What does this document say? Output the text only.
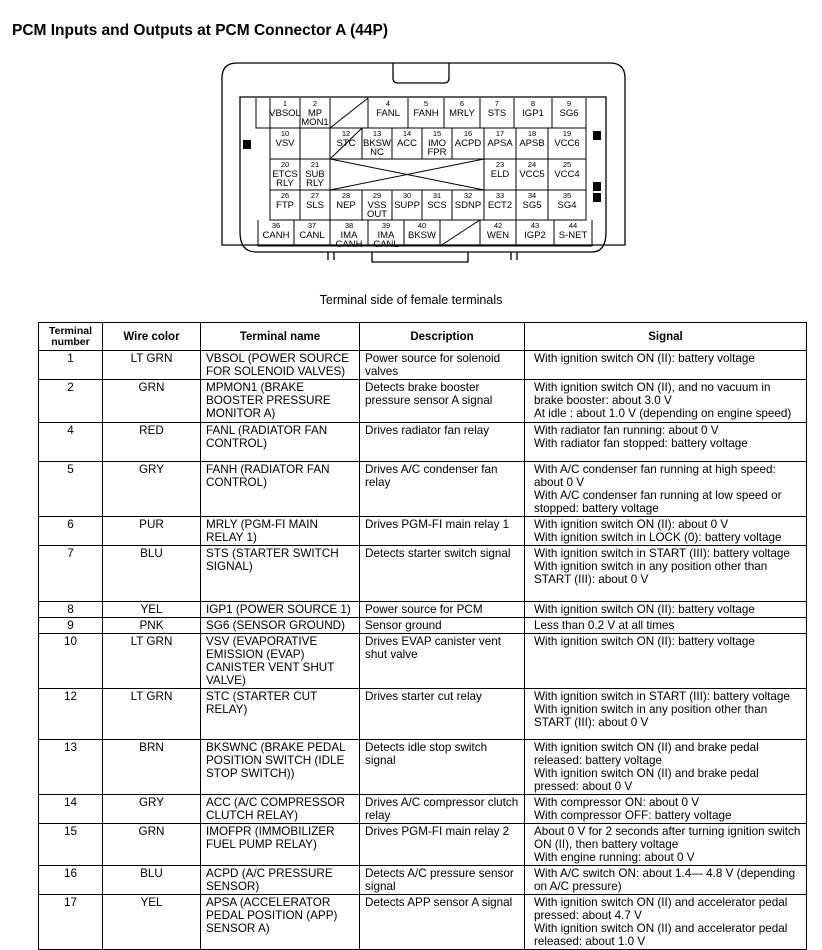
PCM Inputs and Outputs at PCM Connector A (44P)
1
VBSOL
2
MP
MON1
4
FANL
5
FANH
6
MRLY
7
STS
8
IGP1
9
SG6
10
VSV
12
STC
13
BKSW
NC
14
ACC
15
IMO
FPR
16
ACPD
17
APSA
18
APSB
19
VCC6
20
ETCS
RLY
21
SUB
RLY
23
ELD
24
VCC5
25
VCC4
26
FTP
27
SLS
28
NEP
29
VSS
OUT
30
SUPP
31
SCS
32
SDNP
33
ECT2
34
SG5
35
SG4
36
CANH
37
CANL
38
IMA
CANH
39
IMA
CANL
40
BKSW
42
WEN
43
IGP2
44
S-NET

Terminal side of female terminals

Terminal number	Wire color	Terminal name	Description	Signal
1	LT GRN	VBSOL (POWER SOURCE FOR SOLENOID VALVES)	Power source for solenoid valves	With ignition switch ON (II): battery voltage

2	GRN	MPMON1 (BRAKE BOOSTER PRESSURE MONITOR A)	Detects brake booster pressure sensor A signal	With ignition switch ON (II), and no vacuum in brake booster: about 3.0 V
At idle : about 1.0 V (depending on engine speed)

4	RED	FANL (RADIATOR FAN CONTROL)	Drives radiator fan relay	With radiator fan running: about 0 V
With radiator fan stopped: battery voltage

5	GRY	FANH (RADIATOR FAN CONTROL)	Drives A/C condenser fan relay	With A/C condenser fan running at high speed: about 0 V
With A/C condenser fan running at low speed or stopped: battery voltage

6	PUR	MRLY (PGM-FI MAIN RELAY 1)	Drives PGM-FI main relay 1	With ignition switch ON (II): about 0 V
With ignition switch in LOCK (0): battery voltage

7	BLU	STS (STARTER SWITCH SIGNAL)	Detects starter switch signal	With ignition switch in START (III): battery voltage
With ignition switch in any position other than START (III): about 0 V

8	YEL	IGP1 (POWER SOURCE 1)	Power source for PCM	With ignition switch ON (II): battery voltage

9	PNK	SG6 (SENSOR GROUND)	Sensor ground	Less than 0.2 V at all times

10	LT GRN	VSV (EVAPORATIVE EMISSION (EVAP) CANISTER VENT SHUT VALVE)	Drives EVAP canister vent shut valve	With ignition switch ON (II): battery voltage

12	LT GRN	STC (STARTER CUT RELAY)	Drives starter cut relay	With ignition switch in START (III): battery voltage
With ignition switch in any position other than START (III): about 0 V

13	BRN	BKSWNC (BRAKE PEDAL POSITION SWITCH (IDLE STOP SWITCH))	Detects idle stop switch signal	With ignition switch ON (II) and brake pedal released: battery voltage
With ignition switch ON (II) and brake pedal pressed: about 0 V

14	GRY	ACC (A/C COMPRESSOR CLUTCH RELAY)	Drives A/C compressor clutch relay	With compressor ON: about 0 V
With compressor OFF: battery voltage

15	GRN	IMOFPR (IMMOBILIZER FUEL PUMP RELAY)	Drives PGM-FI main relay 2	About 0 V for 2 seconds after turning ignition switch ON (II), then battery voltage
With engine running: about 0 V

16	BLU	ACPD (A/C PRESSURE SENSOR)	Detects A/C pressure sensor signal	With A/C switch ON: about 1.4— 4.8 V (depending on A/C pressure)

17	YEL	APSA (ACCELERATOR PEDAL POSITION (APP) SENSOR A)	Detects APP sensor A signal	With ignition switch ON (II) and accelerator pedal pressed: about 4.7 V
With ignition switch ON (II) and accelerator pedal released: about 1.0 V
